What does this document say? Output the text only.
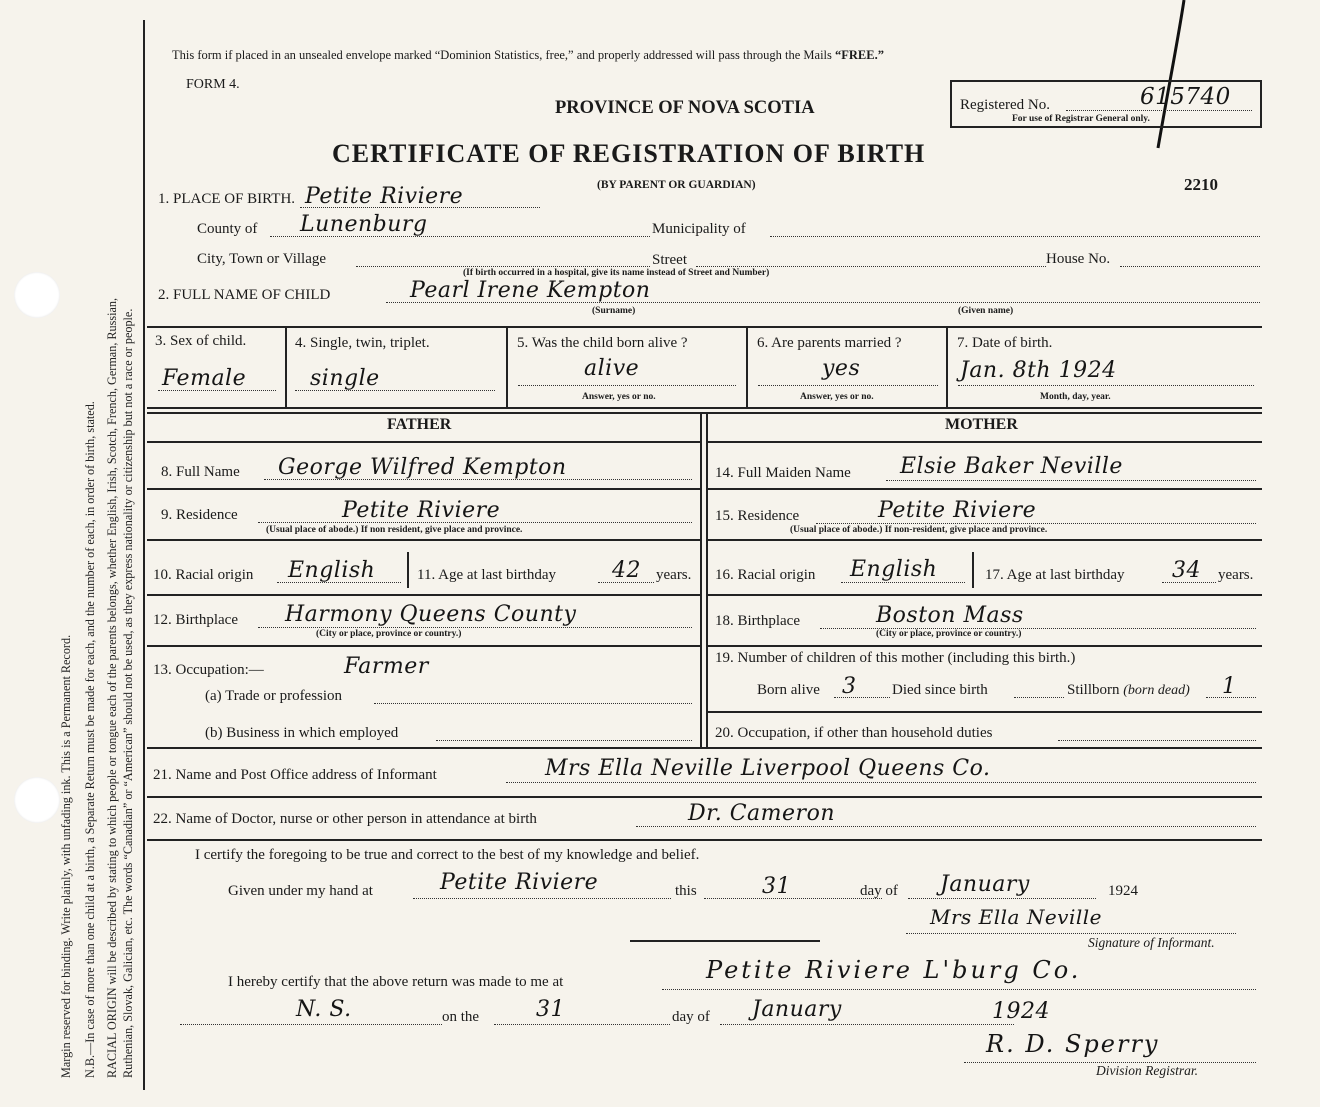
Margin reserved for binding. Write plainly, with unfading ink. This is a Permanent Record. N.B.—In case of more than one child at a birth, a Separate Return must be made for each, and the number of each, in order of birth, stated. RACIAL ORIGIN will be described by stating to which people or tongue each of the parents belongs, whether English, Irish, Scotch, French, German, Russian, Ruthenian, Slovak, Galician, etc. The words “Canadian” or “American” should not be used, as they express nationality or citizenship but not a race or people.
This form if placed in an unsealed envelope marked “Dominion Statistics, free,” and properly addressed will pass through the Mails “FREE.”
FORM 4.
PROVINCE OF NOVA SCOTIA
CERTIFICATE OF REGISTRATION OF BIRTH
(BY PARENT OR GUARDIAN)
Registered No.	615740
For use of Registrar General only.
2210
1. PLACE OF BIRTH. Petite Riviere
County of Lunenburg	Municipality of
City, Town or Village	Street	House No.
(If birth occurred in a hospital, give its name instead of Street and Number)
2. FULL NAME OF CHILD	Pearl Irene Kempton
(Surname)	(Given name)
3. Sex of child.
Female
4. Single, twin, triplet.
single
5. Was the child born alive ?
alive
Answer, yes or no.
6. Are parents married ?
yes
Answer, yes or no.
7. Date of birth.
Jan. 8th 1924
Month, day, year.
FATHER	MOTHER
8. Full Name George Wilfred Kempton
9. Residence	Petite Riviere
(Usual place of abode.) If non resident, give place and province.
10. Racial origin English	11. Age at last birthday	42 years.
12. Birthplace Harmony Queens County
(City or place, province or country.)
13. Occupation:—	Farmer
(a) Trade or profession
(b) Business in which employed
14. Full Maiden Name Elsie Baker Neville
15. Residence	Petite Riviere
(Usual place of abode.) If non-resident, give place and province.
16. Racial origin English	17. Age at last birthday 34 years.
18. Birthplace	Boston Mass
(City or place, province or country.)
19. Number of children of this mother (including this birth.)
Born alive 3 Died since birth	Stillborn (born dead) 1
20. Occupation, if other than household duties
21. Name and Post Office address of Informant	Mrs Ella Neville Liverpool Queens Co.
22. Name of Doctor, nurse or other person in attendance at birth	Dr. Cameron
I certify the foregoing to be true and correct to the best of my knowledge and belief.
Given under my hand at	Petite Riviere	this	31	day of January	1924
Mrs Ella Neville
Signature of Informant.
I hereby certify that the above return was made to me at	Petite Riviere L'burg Co.
N. S.	on the	31	day of January	1924
R. D. Sperry
Division Registrar.
